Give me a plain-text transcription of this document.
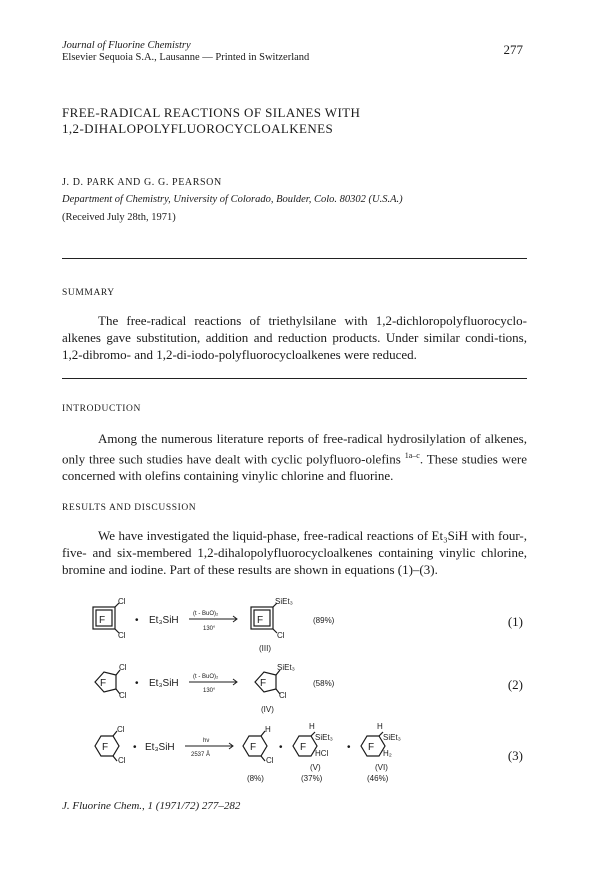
Journal of Fluorine Chemistry
Elsevier Sequoia S.A., Lausanne — Printed in Switzerland
277
FREE-RADICAL REACTIONS OF SILANES WITH
1,2-DIHALOPOLYFLUOROCYCLOALKENES
J. D. PARK AND G. G. PEARSON
Department of Chemistry, University of Colorado, Boulder, Colo. 80302 (U.S.A.)
(Received July 28th, 1971)
SUMMARY

The free-radical reactions of triethylsilane with 1,2-dichloropolyfluorocyclo-alkenes gave substitution, addition and reduction products. Under similar condi-tions, 1,2-dibromo- and 1,2-di-iodo-polyfluorocycloalkenes were reduced.

INTRODUCTION

Among the numerous literature reports of free-radical hydrosilylation of alkenes, only three such studies have dealt with cyclic polyfluoro-olefins $^{1a-c}$. These studies were concerned with olefins containing vinylic chlorine and fluorine.

RESULTS AND DISCUSSION

We have investigated the liquid-phase, free-radical reactions of Et₃SiH with four-, five- and six-membered 1,2-dihalopolyfluorocycloalkenes containing vinylic chlorine, bromine and iodine. Part of these results are shown in equations (1)–(3).

F
Cl
Cl
• Et₃SiH
(t - BuO)₂
130°
F
SiEt₃
Cl
(89%)
(III)
(1)
F
Cl
Cl
• Et₃SiH
(t - BuO)₂
130°
F
SiEt₃
Cl
(58%)
(IV)
(2)
F
Cl
Cl
• Et₃SiH
hν
2537 Å
F
H
Cl
• F
H
SiEt₃
HCl
• F
H
SiEt₃
H₂
(V)	(VI)
(8%)	(37%)	(46%)
(3)
J. Fluorine Chem., 1 (1971/72) 277–282
